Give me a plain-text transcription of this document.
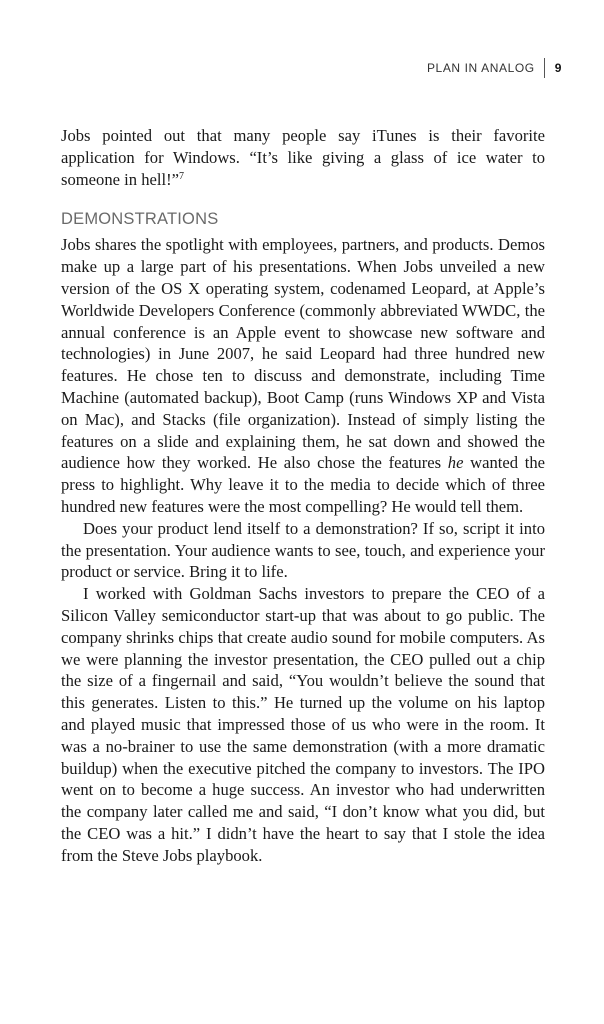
PLAN IN ANALOG 9

Jobs pointed out that many people say iTunes is their favorite application for Windows. “It’s like giving a glass of ice water to someone in hell!”$^7$

DEMONSTRATIONS

Jobs shares the spotlight with employees, partners, and products. Demos make up a large part of his presentations. When Jobs unveiled a new version of the OS X operating system, codenamed Leopard, at Apple’s Worldwide Developers Conference (commonly abbreviated WWDC, the annual conference is an Apple event to showcase new software and technologies) in June 2007, he said Leopard had three hundred new features. He chose ten to discuss and demonstrate, including Time Machine (automated backup), Boot Camp (runs Windows XP and Vista on Mac), and Stacks (file organization). Instead of simply listing the features on a slide and explaining them, he sat down and showed the audience how they worked. He also chose the features he wanted the press to highlight. Why leave it to the media to decide which of three hundred new features were the most compelling? He would tell them.

Does your product lend itself to a demonstration? If so, script it into the presentation. Your audience wants to see, touch, and experience your product or service. Bring it to life.

I worked with Goldman Sachs investors to prepare the CEO of a Silicon Valley semiconductor start-up that was about to go public. The company shrinks chips that create audio sound for mobile computers. As we were planning the investor presentation, the CEO pulled out a chip the size of a fingernail and said, “You wouldn’t believe the sound that this generates. Listen to this.” He turned up the volume on his laptop and played music that impressed those of us who were in the room. It was a no-brainer to use the same demonstration (with a more dramatic buildup) when the executive pitched the company to investors. The IPO went on to become a huge success. An investor who had underwritten the company later called me and said, “I don’t know what you did, but the CEO was a hit.” I didn’t have the heart to say that I stole the idea from the Steve Jobs playbook.
